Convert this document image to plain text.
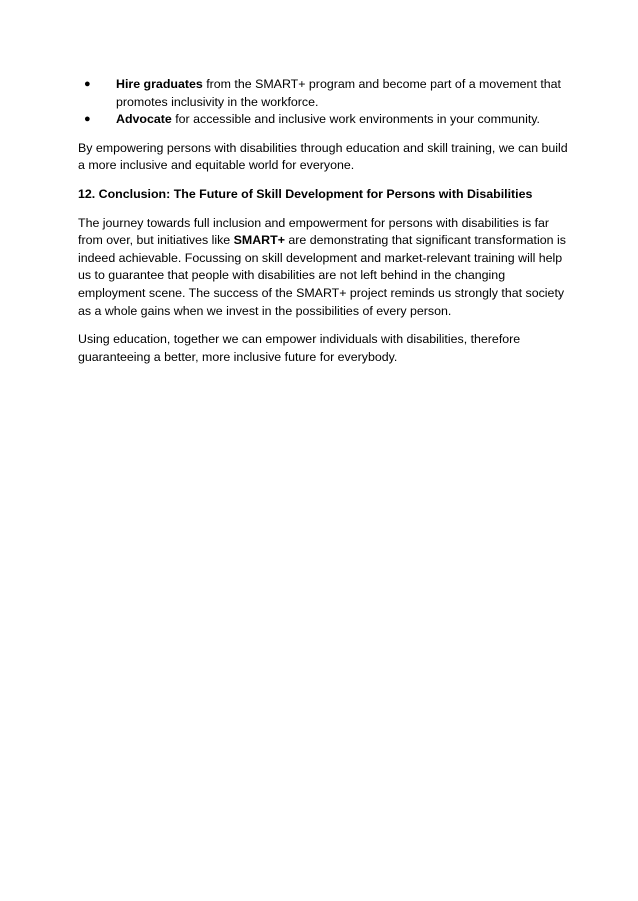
● Hire graduates from the SMART+ program and become part of a movement that promotes inclusivity in the workforce.
● Advocate for accessible and inclusive work environments in your community.

By empowering persons with disabilities through education and skill training, we can build a more inclusive and equitable world for everyone.

12. Conclusion: The Future of Skill Development for Persons with Disabilities

The journey towards full inclusion and empowerment for persons with disabilities is far from over, but initiatives like SMART+ are demonstrating that significant transformation is indeed achievable. Focussing on skill development and market-relevant training will help us to guarantee that people with disabilities are not left behind in the changing employment scene. The success of the SMART+ project reminds us strongly that society as a whole gains when we invest in the possibilities of every person.

Using education, together we can empower individuals with disabilities, therefore guaranteeing a better, more inclusive future for everybody.
